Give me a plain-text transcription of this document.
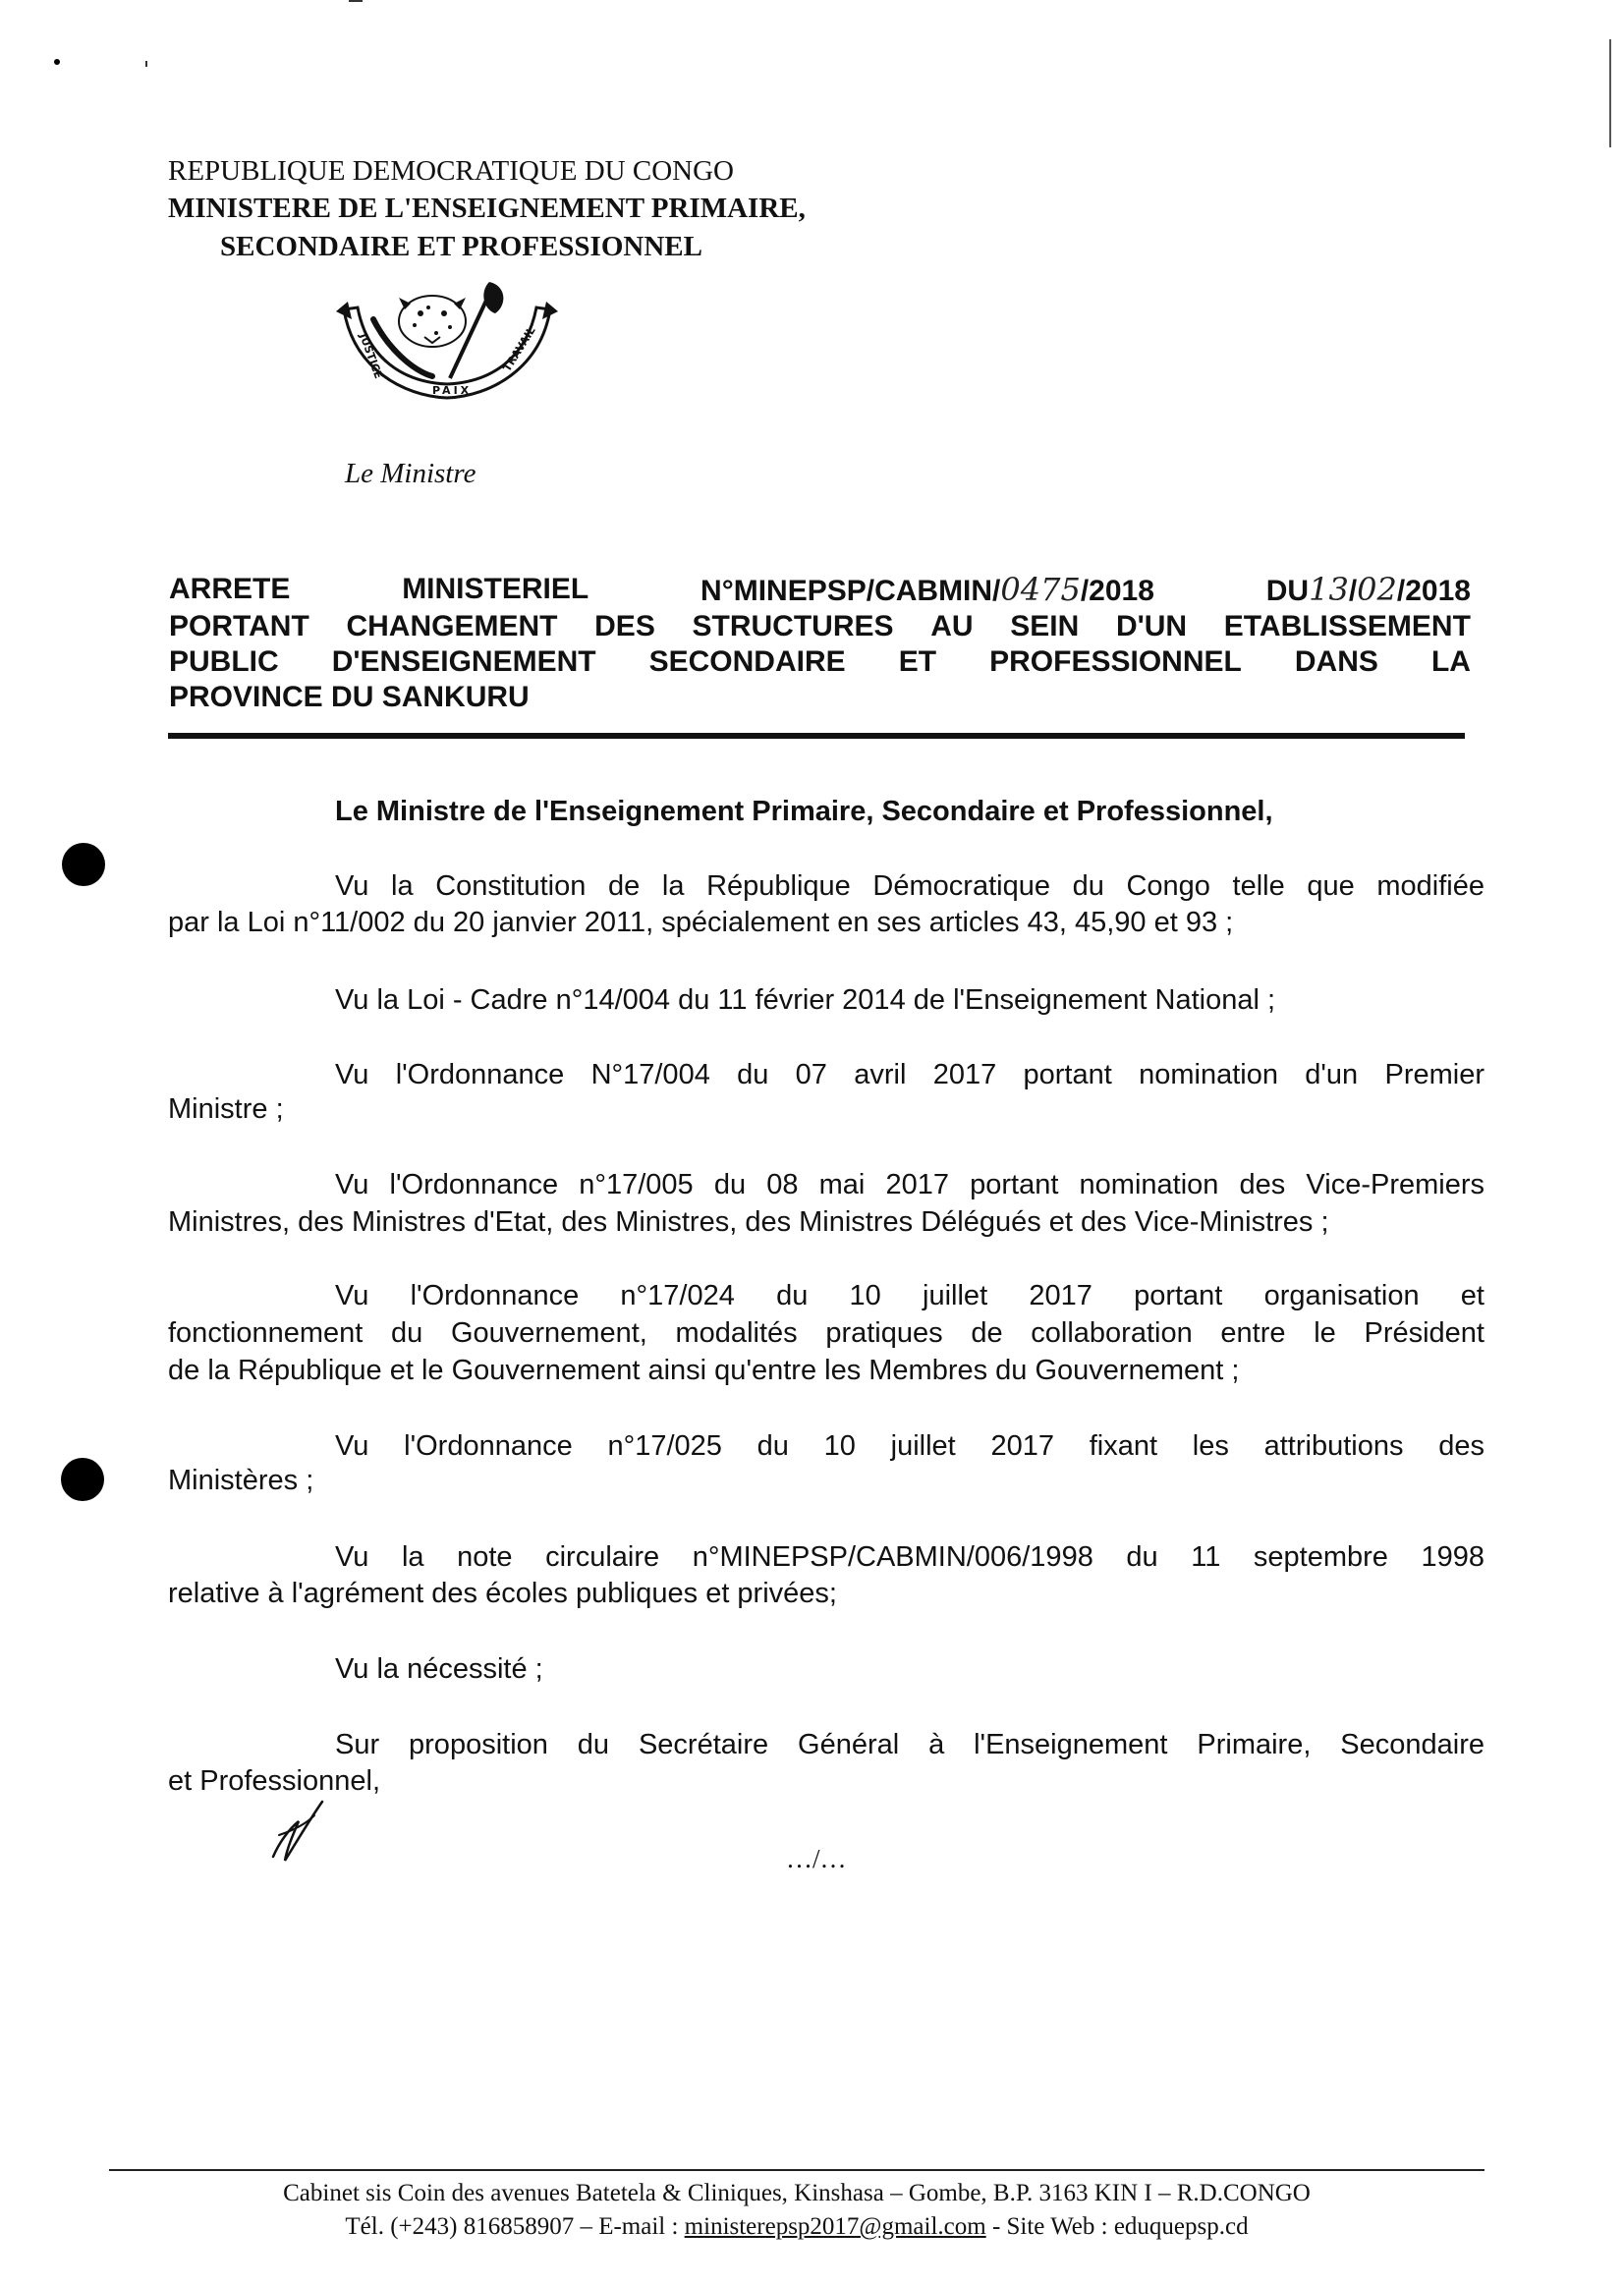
REPUBLIQUE DEMOCRATIQUE DU CONGO
MINISTERE DE L'ENSEIGNEMENT PRIMAIRE,
SECONDAIRE ET PROFESSIONNEL
JUSTICE
PAIX
TRAVAIL
Le Ministre
ARRETE	MINISTERIEL	N°MINEPSP/CABMIN/0475/2018	DU13/02/2018
PORTANT CHANGEMENT DES STRUCTURES AU SEIN D'UN ETABLISSEMENT
PUBLIC D'ENSEIGNEMENT SECONDAIRE ET PROFESSIONNEL DANS LA
PROVINCE DU SANKURU
Le Ministre de l'Enseignement Primaire, Secondaire et Professionnel,
Vu la Constitution de la République Démocratique du Congo telle que modifiée
par la Loi n°11/002 du 20 janvier 2011, spécialement en ses articles 43, 45,90 et 93 ;
Vu la Loi - Cadre n°14/004 du 11 février 2014 de l'Enseignement National ;
Vu l'Ordonnance N°17/004 du 07 avril 2017 portant nomination d'un Premier
Ministre ;
Vu l'Ordonnance n°17/005 du 08 mai 2017 portant nomination des Vice-Premiers
Ministres, des Ministres d'Etat, des Ministres, des Ministres Délégués et des Vice-Ministres ;
Vu l'Ordonnance n°17/024 du 10 juillet 2017 portant organisation et
fonctionnement du Gouvernement, modalités pratiques de collaboration entre le Président
de la République et le Gouvernement ainsi qu'entre les Membres du Gouvernement ;
Vu l'Ordonnance n°17/025 du 10 juillet 2017 fixant les attributions des
Ministères ;
Vu la note circulaire n°MINEPSP/CABMIN/006/1998 du 11 septembre 1998
relative à l'agrément des écoles publiques et privées;
Vu la nécessité ;
Sur proposition du Secrétaire Général à l'Enseignement Primaire, Secondaire
et Professionnel,
…/…
Cabinet sis Coin des avenues Batetela & Cliniques, Kinshasa – Gombe, B.P. 3163 KIN I – R.D.CONGO
Tél. (+243) 816858907 – E-mail : ministerepsp2017@gmail.com - Site Web : eduquepsp.cd
